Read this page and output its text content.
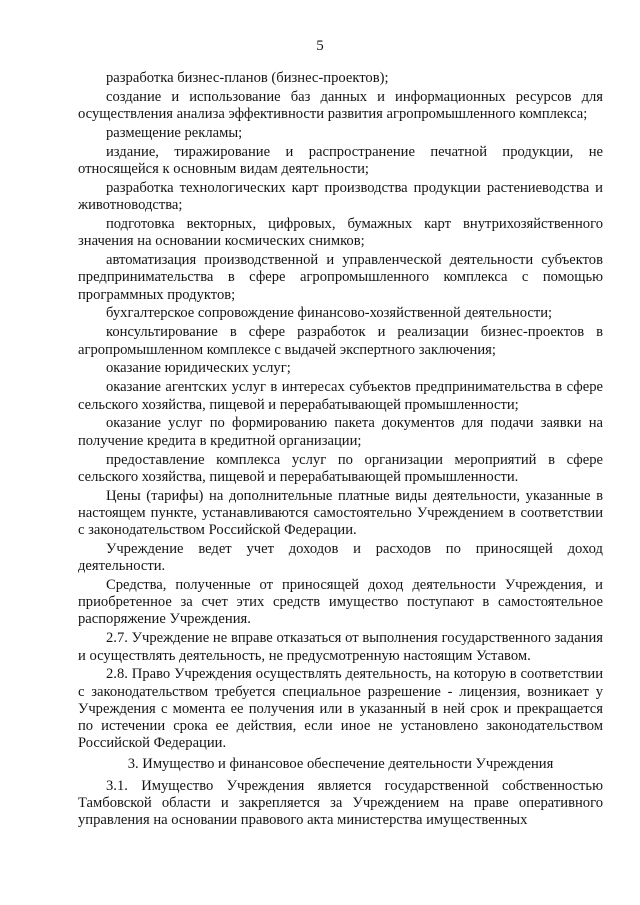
5

разработка бизнес-планов (бизнес-проектов);

создание и использование баз данных и информационных ресурсов для осуществления анализа эффективности развития агропромышленного комплекса;

размещение рекламы;

издание, тиражирование и распространение печатной продукции, не относящейся к основным видам деятельности;

разработка технологических карт производства продукции растениеводства и животноводства;

подготовка векторных, цифровых, бумажных карт внутрихозяйственного значения на основании космических снимков;

автоматизация производственной и управленческой деятельности субъектов предпринимательства в сфере агропромышленного комплекса с помощью программных продуктов;

бухгалтерское сопровождение финансово-хозяйственной деятельности;

консультирование в сфере разработок и реализации бизнес-проектов в агропромышленном комплексе с выдачей экспертного заключения;

оказание юридических услуг;

оказание агентских услуг в интересах субъектов предпринимательства в сфере сельского хозяйства, пищевой и перерабатывающей промышленности;

оказание услуг по формированию пакета документов для подачи заявки на получение кредита в кредитной организации;

предоставление комплекса услуг по организации мероприятий в сфере сельского хозяйства, пищевой и перерабатывающей промышленности.

Цены (тарифы) на дополнительные платные виды деятельности, указанные в настоящем пункте, устанавливаются самостоятельно Учреждением в соответствии с законодательством Российской Федерации.

Учреждение ведет учет доходов и расходов по приносящей доход деятельности.

Средства, полученные от приносящей доход деятельности Учреждения, и приобретенное за счет этих средств имущество поступают в самостоятельное распоряжение Учреждения.

2.7. Учреждение не вправе отказаться от выполнения государственного задания и осуществлять деятельность, не предусмотренную настоящим Уставом.

2.8. Право Учреждения осуществлять деятельность, на которую в соответствии с законодательством требуется специальное разрешение - лицензия, возникает у Учреждения с момента ее получения или в указанный в ней срок и прекращается по истечении срока ее действия, если иное не установлено законодательством Российской Федерации.

3. Имущество и финансовое обеспечение деятельности Учреждения

3.1. Имущество Учреждения является государственной собственностью Тамбовской области и закрепляется за Учреждением на праве оперативного управления на основании правового акта министерства имущественных
